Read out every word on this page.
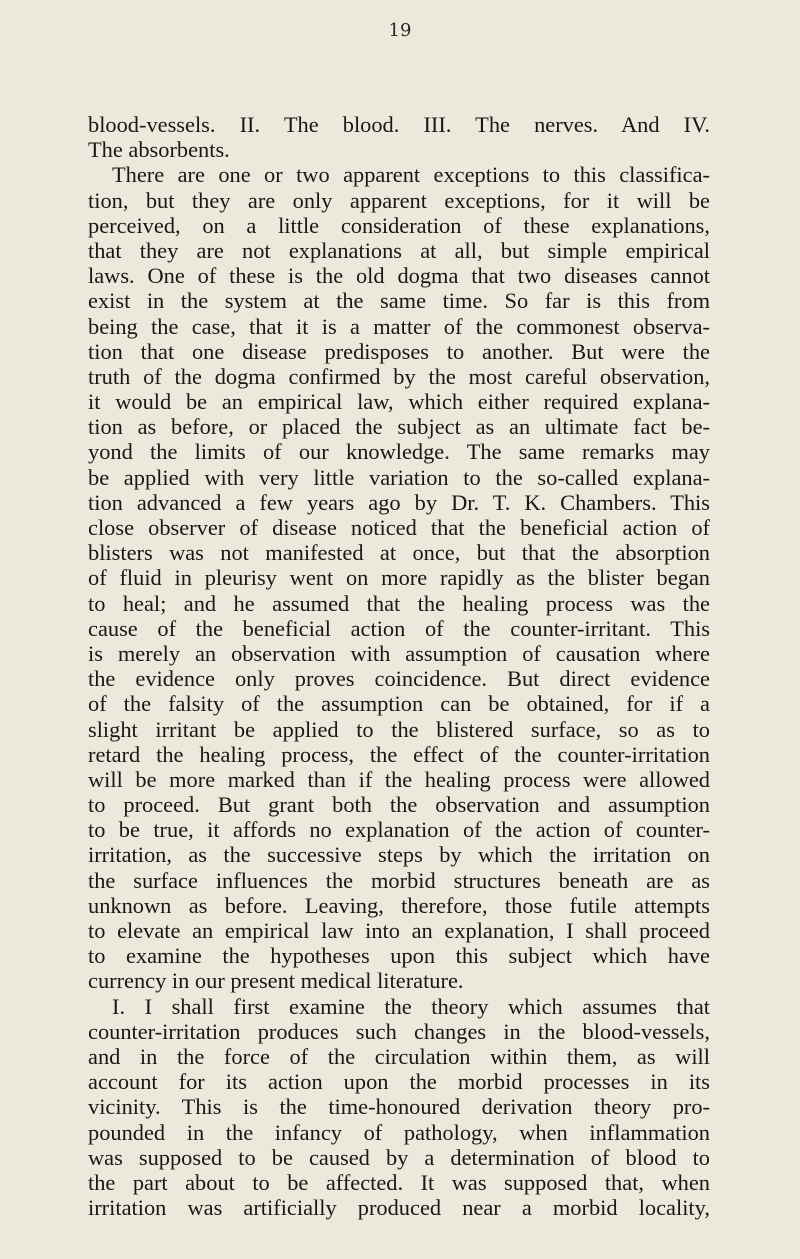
19
blood-vessels. II. The blood. III. The nerves. And IV.
The absorbents.
There are one or two apparent exceptions to this classifica-
tion, but they are only apparent exceptions, for it will be
perceived, on a little consideration of these explanations,
that they are not explanations at all, but simple empirical
laws. One of these is the old dogma that two diseases cannot
exist in the system at the same time. So far is this from
being the case, that it is a matter of the commonest observa-
tion that one disease predisposes to another. But were the
truth of the dogma confirmed by the most careful observation,
it would be an empirical law, which either required explana-
tion as before, or placed the subject as an ultimate fact be-
yond the limits of our knowledge. The same remarks may
be applied with very little variation to the so-called explana-
tion advanced a few years ago by Dr. T. K. Chambers. This
close observer of disease noticed that the beneficial action of
blisters was not manifested at once, but that the absorption
of fluid in pleurisy went on more rapidly as the blister began
to heal; and he assumed that the healing process was the
cause of the beneficial action of the counter-irritant. This
is merely an observation with assumption of causation where
the evidence only proves coincidence. But direct evidence
of the falsity of the assumption can be obtained, for if a
slight irritant be applied to the blistered surface, so as to
retard the healing process, the effect of the counter-irritation
will be more marked than if the healing process were allowed
to proceed. But grant both the observation and assumption
to be true, it affords no explanation of the action of counter-
irritation, as the successive steps by which the irritation on
the surface influences the morbid structures beneath are as
unknown as before. Leaving, therefore, those futile attempts
to elevate an empirical law into an explanation, I shall proceed
to examine the hypotheses upon this subject which have
currency in our present medical literature.
I. I shall first examine the theory which assumes that
counter-irritation produces such changes in the blood-vessels,
and in the force of the circulation within them, as will
account for its action upon the morbid processes in its
vicinity. This is the time-honoured derivation theory pro-
pounded in the infancy of pathology, when inflammation
was supposed to be caused by a determination of blood to
the part about to be affected. It was supposed that, when
irritation was artificially produced near a morbid locality,
